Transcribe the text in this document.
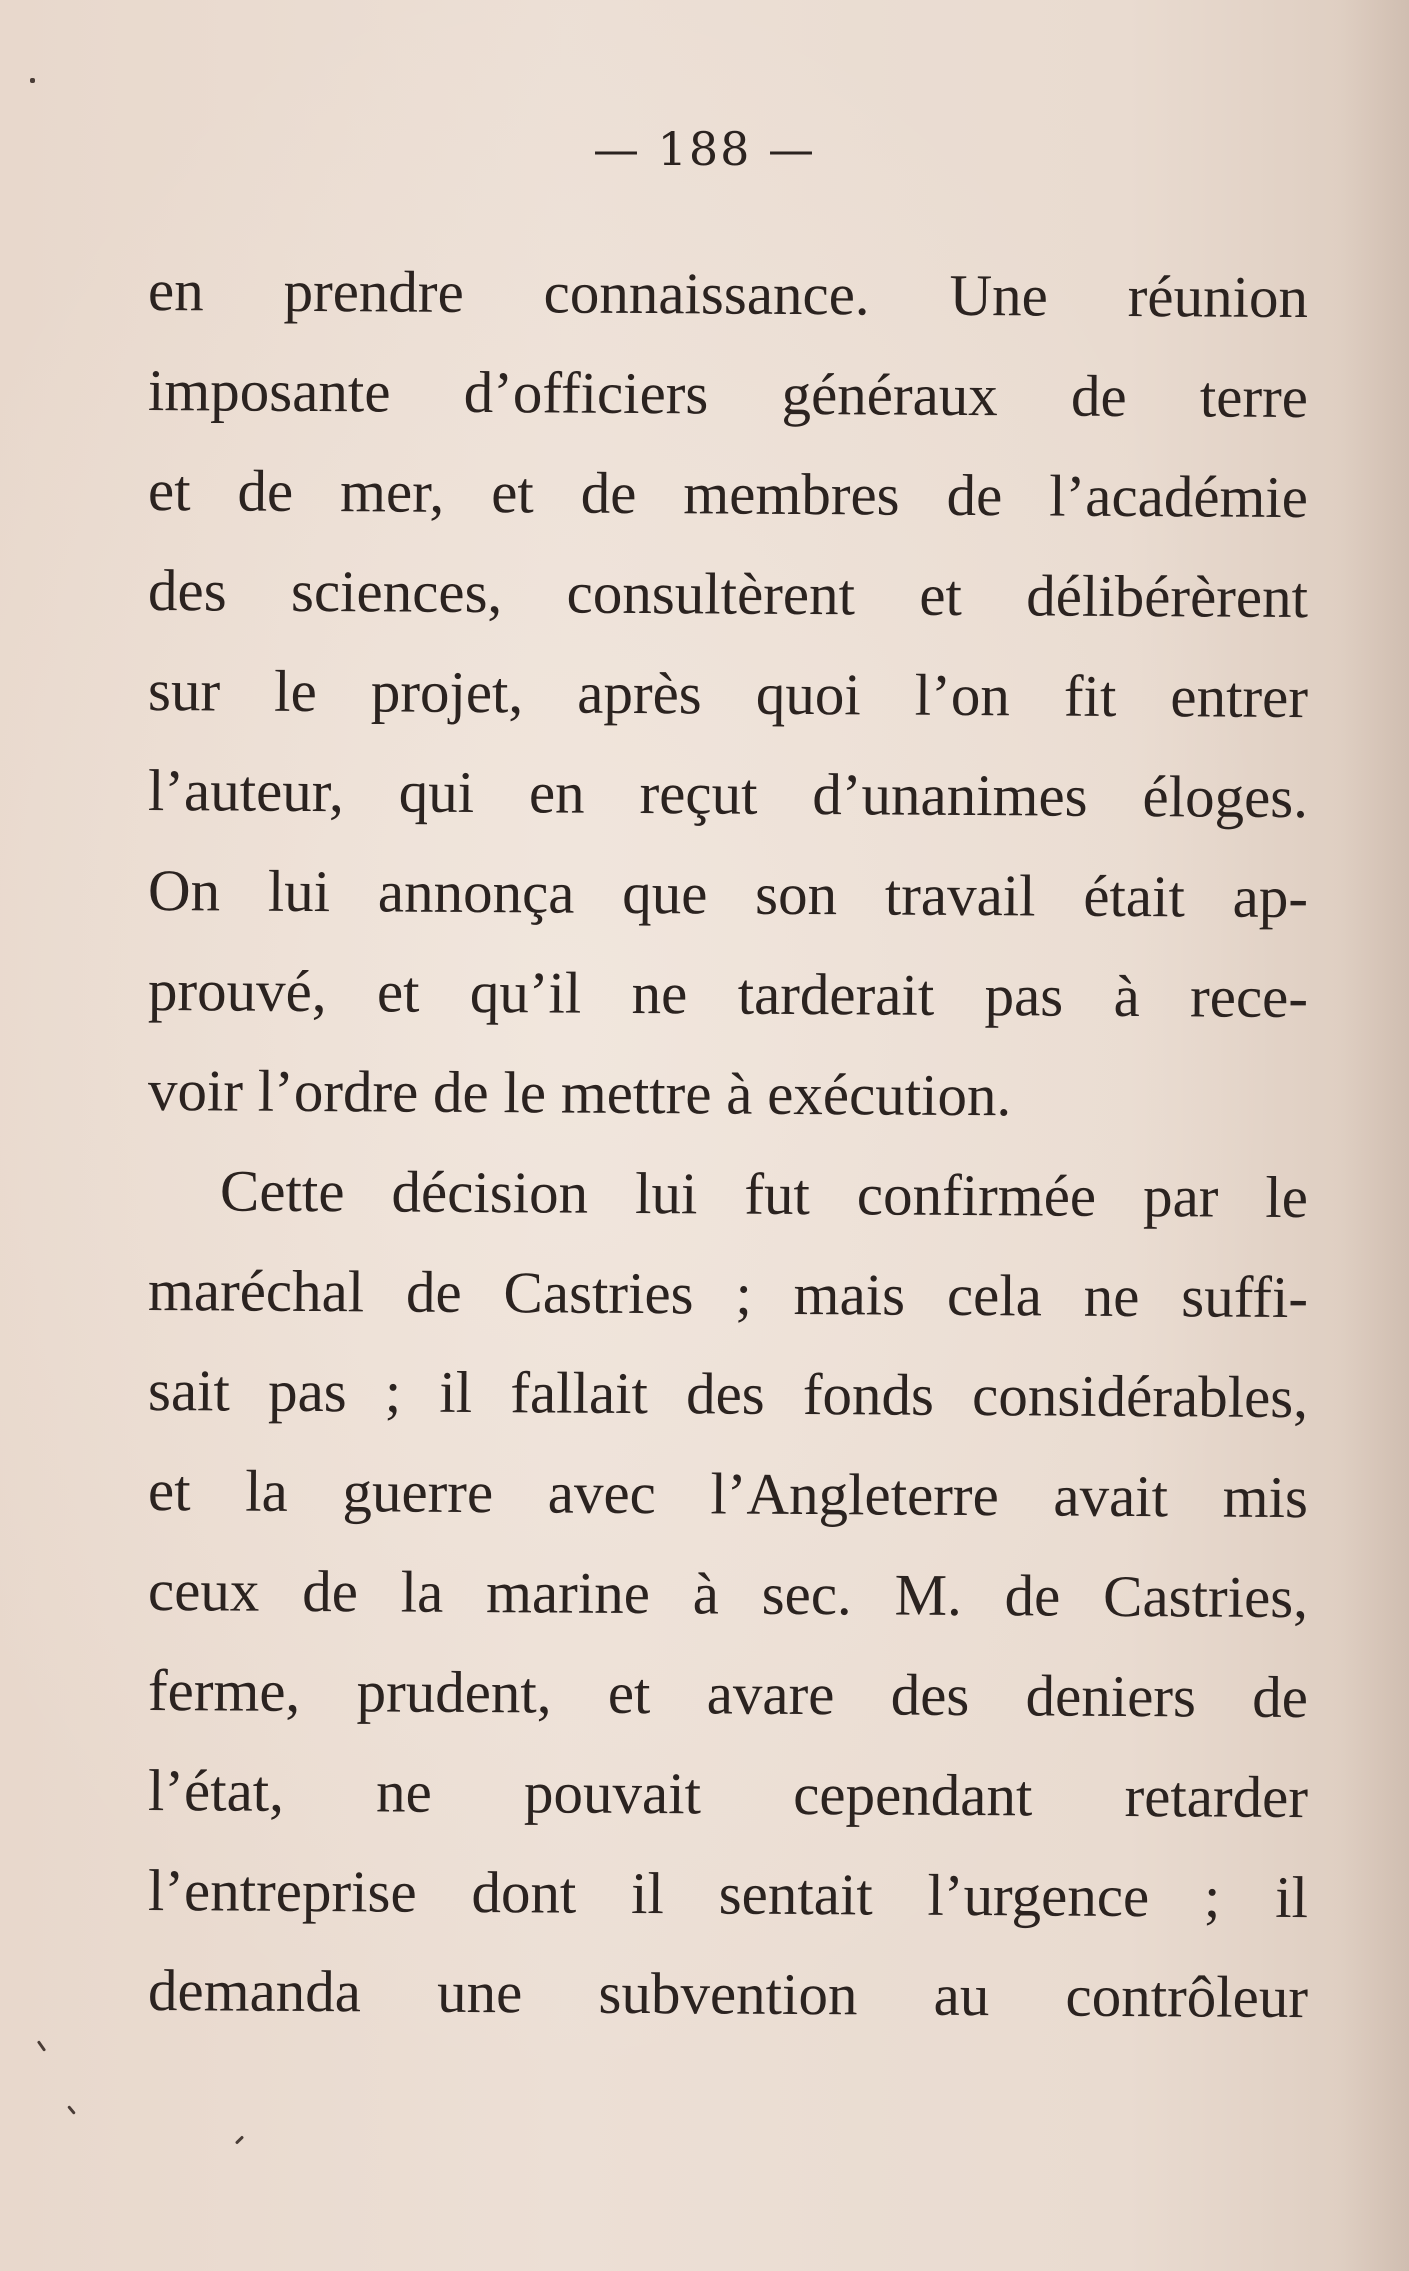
— 188 —
en prendre connaissance. Une réunion
imposante d’officiers généraux de terre
et de mer, et de membres de l’académie
des sciences, consultèrent et délibérèrent
sur le projet, après quoi l’on fit entrer
l’auteur, qui en reçut d’unanimes éloges.
On lui annonça que son travail était ap-
prouvé, et qu’il ne tarderait pas à rece-
voir l’ordre de le mettre à exécution.
Cette décision lui fut confirmée par le
maréchal de Castries ; mais cela ne suffi-
sait pas ; il fallait des fonds considérables,
et la guerre avec l’Angleterre avait mis
ceux de la marine à sec. M. de Castries,
ferme, prudent, et avare des deniers de
l’état, ne pouvait cependant retarder
l’entreprise dont il sentait l’urgence ; il
demanda une subvention au contrôleur
